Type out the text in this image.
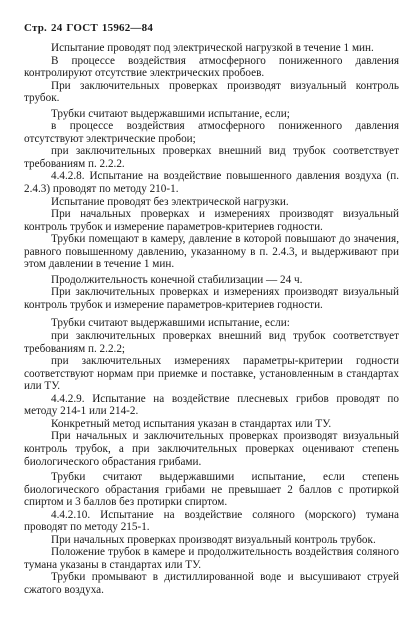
Стр. 24 ГОСТ 15962—84

Испытание проводят под электрической нагрузкой в течение 1 мин.

В процессе воздействия атмосферного пониженного давления контролируют отсутствие электрических пробоев.

При заключительных проверках производят визуальный контроль трубок.

Трубки считают выдержавшими испытание, если;

в процессе воздействия атмосферного пониженного давления отсутствуют электрические пробои;

при заключительных проверках внешний вид трубок соответствует требованиям п. 2.2.2.

4.4.2.8. Испытание на воздействие повышенного давления воздуха (п. 2.4.3) проводят по методу 210-1.

Испытание проводят без электрической нагрузки.

При начальных проверках и измерениях производят визуальный контроль трубок и измерение параметров-критериев годности.

Трубки помещают в камеру, давление в которой повышают до значения, равного повышенному давлению, указанному в п. 2.4.3, и выдерживают при этом давлении в течение 1 мин.

Продолжительность конечной стабилизации — 24 ч.

При заключительных проверках и измерениях производят визуальный контроль трубок и измерение параметров-критериев годности.

Трубки считают выдержавшими испытание, если:

при заключительных проверках внешний вид трубок соответствует требованиям п. 2.2.2;

при заключительных измерениях параметры-критерии годности соответствуют нормам при приемке и поставке, установленным в стандартах или ТУ.

4.4.2.9. Испытание на воздействие плесневых грибов проводят по методу 214-1 или 214-2.

Конкретный метод испытания указан в стандартах или ТУ.

При начальных и заключительных проверках производят визуальный контроль трубок, а при заключительных проверках оценивают степень биологического обрастания грибами.

Трубки считают выдержавшими испытание, если степень биологического обрастания грибами не превышает 2 баллов с протиркой спиртом и 3 баллов без протирки спиртом.

4.4.2.10. Испытание на воздействие соляного (морского) тумана проводят по методу 215-1.

При начальных проверках производят визуальный контроль трубок.

Положение трубок в камере и продолжительность воздействия соляного тумана указаны в стандартах или ТУ.

Трубки промывают в дистиллированной воде и высушивают струей сжатого воздуха.
